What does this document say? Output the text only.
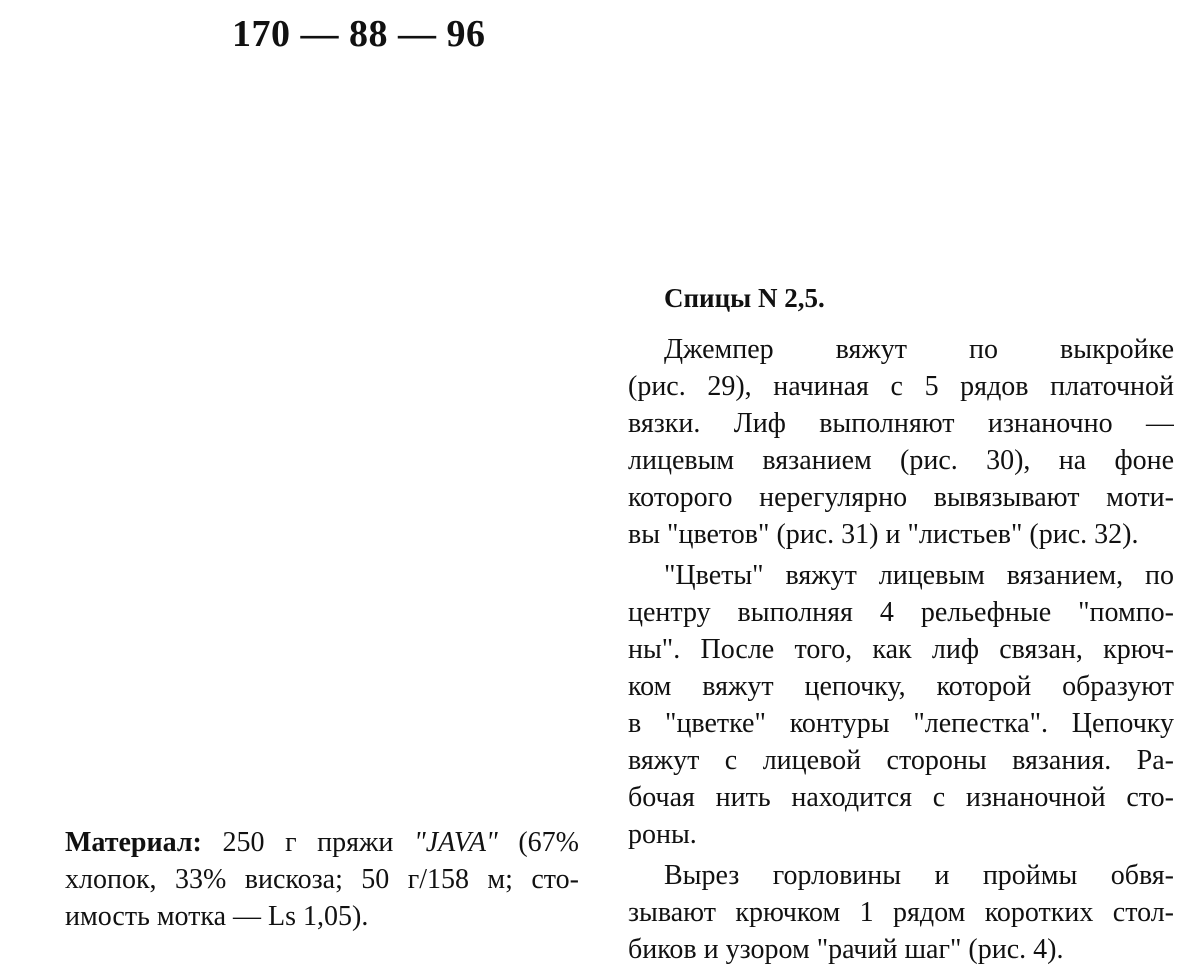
170 — 88 — 96
Спицы N 2,5.
Джемпер вяжут по выкройке
(рис. 29), начиная с 5 рядов платочной
вязки. Лиф выполняют изнаночно —
лицевым вязанием (рис. 30), на фоне
которого нерегулярно вывязывают моти-
вы "цветов" (рис. 31) и "листьев" (рис. 32).
"Цветы" вяжут лицевым вязанием, по
центру выполняя 4 рельефные "помпо-
ны". После того, как лиф связан, крюч-
ком вяжут цепочку, которой образуют
в "цветке" контуры "лепестка". Цепочку
вяжут с лицевой стороны вязания. Ра-
бочая нить находится с изнаночной сто-
роны.
Вырез горловины и проймы обвя-
зывают крючком 1 рядом коротких стол-
биков и узором "рачий шаг" (рис. 4).
Материал: 250 г пряжи "JAVA" (67%
хлопок, 33% вискоза; 50 г/158 м; сто-
имость мотка — Ls 1,05).
